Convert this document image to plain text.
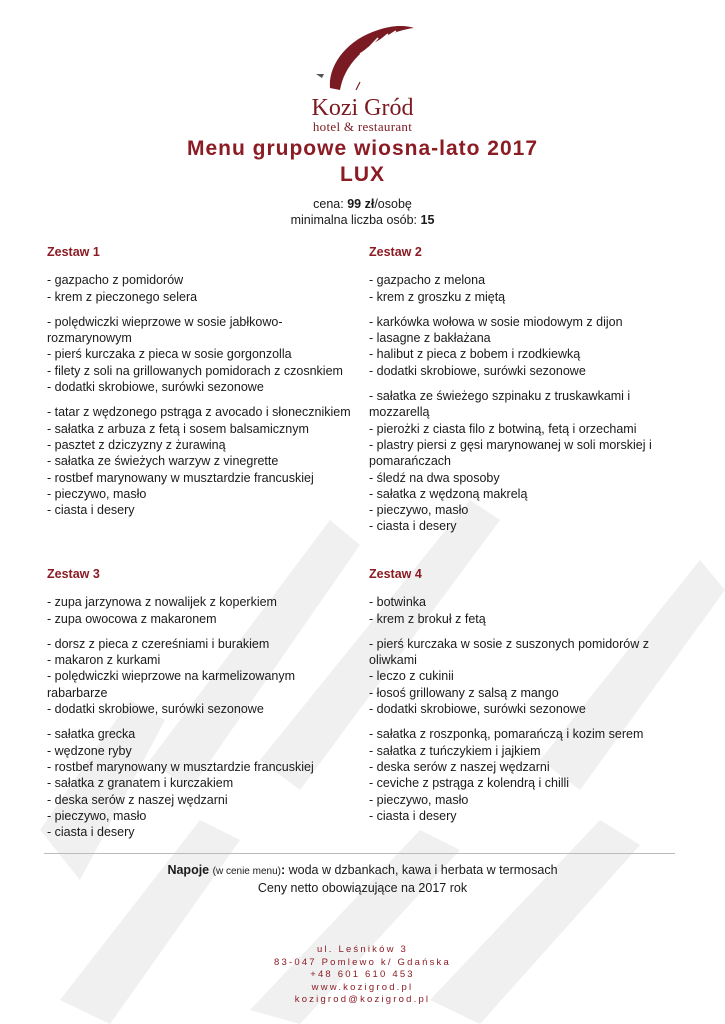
Kozi Gród
hotel & restaurant
Menu grupowe wiosna-lato 2017
LUX
cena: 99 zł/osobę
minimalna liczba osób: 15
Zestaw 1
- gazpacho z pomidorów
- krem z pieczonego selera
- polędwiczki wieprzowe w sosie jabłkowo-
rozmarynowym
- pierś kurczaka z pieca w sosie gorgonzolla
- filety z soli na grillowanych pomidorach z czosnkiem
- dodatki skrobiowe, surówki sezonowe
- tatar z wędzonego pstrąga z avocado i słonecznikiem
- sałatka z arbuza z fetą i sosem balsamicznym
- pasztet z dziczyzny z żurawiną
- sałatka ze świeżych warzyw z vinegrette
- rostbef marynowany w musztardzie francuskiej
- pieczywo, masło
- ciasta i desery
Zestaw 2
- gazpacho z melona
- krem z groszku z miętą
- karkówka wołowa w sosie miodowym z dijon
- lasagne z bakłażana
- halibut z pieca z bobem i rzodkiewką
- dodatki skrobiowe, surówki sezonowe
- sałatka ze świeżego szpinaku z truskawkami i
mozzarellą
- pierożki z ciasta filo z botwiną, fetą i orzechami
- plastry piersi z gęsi marynowanej w soli morskiej i
pomarańczach
- śledź na dwa sposoby
- sałatka z wędzoną makrelą
- pieczywo, masło
- ciasta i desery
Zestaw 3
- zupa jarzynowa z nowalijek z koperkiem
- zupa owocowa z makaronem
- dorsz z pieca z czereśniami i burakiem
- makaron z kurkami
- polędwiczki wieprzowe na karmelizowanym
rabarbarze
- dodatki skrobiowe, surówki sezonowe
- sałatka grecka
- wędzone ryby
- rostbef marynowany w musztardzie francuskiej
- sałatka z granatem i kurczakiem
- deska serów z naszej wędzarni
- pieczywo, masło
- ciasta i desery
Zestaw 4
- botwinka
- krem z brokuł z fetą
- pierś kurczaka w sosie z suszonych pomidorów z
oliwkami
- leczo z cukinii
- łosoś grillowany z salsą z mango
- dodatki skrobiowe, surówki sezonowe
- sałatka z roszponką, pomarańczą i kozim serem
- sałatka z tuńczykiem i jajkiem
- deska serów z naszej wędzarni
- ceviche z pstrąga z kolendrą i chilli
- pieczywo, masło
- ciasta i desery
Napoje (w cenie menu): woda w dzbankach, kawa i herbata w termosach
Ceny netto obowiązujące na 2017 rok
ul. Leśników 3
83-047 Pomlewo k/ Gdańska
+48 601 610 453
www.kozigrod.pl
kozigrod@kozigrod.pl
